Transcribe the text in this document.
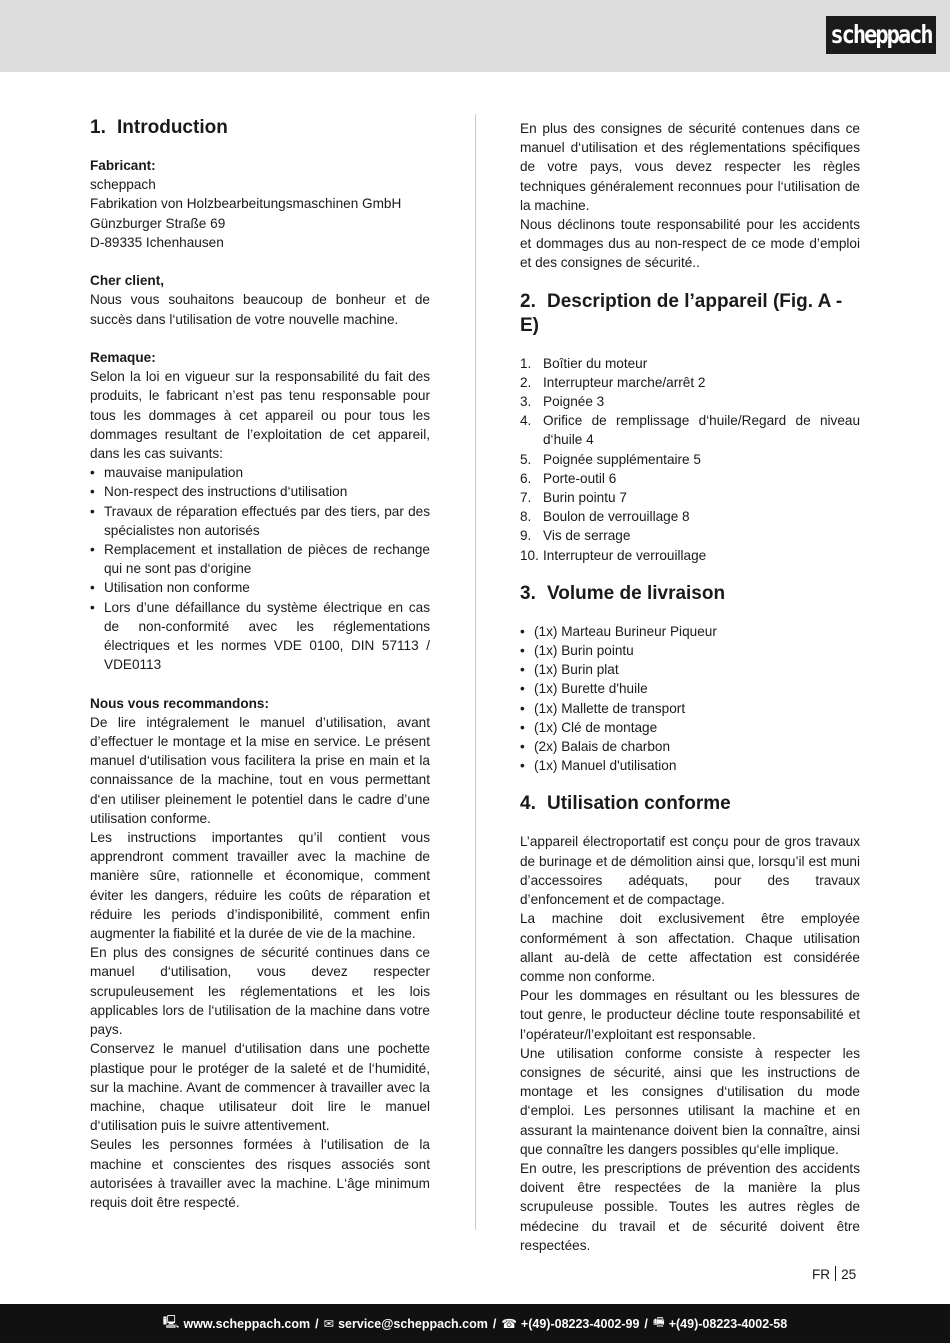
scheppach
1. Introduction

Fabricant:

scheppach

Fabrikation von Holzbearbeitungsmaschinen GmbH

Günzburger Straße 69

D-89335 Ichenhausen

Cher client,

Nous vous souhaitons beaucoup de bonheur et de succès dans l‘utilisation de votre nouvelle machine.

Remaque:

Selon la loi en vigueur sur la responsabilité du fait des produits, le fabricant n’est pas tenu responsable pour tous les dommages à cet appareil ou pour tous les dommages resultant de l’exploitation de cet appareil, dans les cas suivants:

• mauvaise manipulation
• Non-respect des instructions d‘utilisation
• Travaux de réparation effectués par des tiers, par des spécialistes non autorisés
• Remplacement et installation de pièces de rechange qui ne sont pas d‘origine
• Utilisation non conforme
• Lors d’une défaillance du système électrique en cas de non-conformité avec les réglementations électriques et les normes VDE 0100, DIN 57113 / VDE0113

Nous vous recommandons:

De lire intégralement le manuel d’utilisation, avant d’effectuer le montage et la mise en service. Le présent manuel d‘utilisation vous facilitera la prise en main et la connaissance de la machine, tout en vous permettant d‘en utiliser pleinement le potentiel dans le cadre d’une utilisation conforme.

Les instructions importantes qu’il contient vous apprendront comment travailler avec la machine de manière sûre, rationnelle et économique, comment éviter les dangers, réduire les coûts de réparation et réduire les periods d’indisponibilité, comment enfin augmenter la fiabilité et la durée de vie de la machine.

En plus des consignes de sécurité continues dans ce manuel d‘utilisation, vous devez respecter scrupuleusement les réglementations et les lois applicables lors de l‘utilisation de la machine dans votre pays.

Conservez le manuel d‘utilisation dans une pochette plastique pour le protéger de la saleté et de l‘humidité, sur la machine. Avant de commencer à travailler avec la machine, chaque utilisateur doit lire le manuel d‘utilisation puis le suivre attentivement.

Seules les personnes formées à l‘utilisation de la machine et conscientes des risques associés sont autorisées à travailler avec la machine. L‘âge minimum requis doit être respecté.

En plus des consignes de sécurité contenues dans ce manuel d‘utilisation et des réglementations spécifiques de votre pays, vous devez respecter les règles techniques généralement reconnues pour l‘utilisation de la machine.

Nous déclinons toute responsabilité pour les accidents et dommages dus au non-respect de ce mode d’emploi et des consignes de sécurité..

2. Description de l’appareil (Fig. A - E)
1. Boîtier du moteur
2. Interrupteur marche/arrêt 2
3. Poignée 3
4. Orifice de remplissage d‘huile/Regard de niveau d‘huile 4
5. Poignée supplémentaire 5
6. Porte-outil 6
7. Burin pointu 7
8. Boulon de verrouillage 8
9. Vis de serrage
10. Interrupteur de verrouillage
3. Volume de livraison
• (1x) Marteau Burineur Piqueur
• (1x) Burin pointu
• (1x) Burin plat
• (1x) Burette d'huile
• (1x) Mallette de transport
• (1x) Clé de montage
• (2x) Balais de charbon
• (1x) Manuel d'utilisation
4. Utilisation conforme

L’appareil électroportatif est conçu pour de gros travaux de burinage et de démolition ainsi que, lorsqu’il est muni d’accessoires adéquats, pour des travaux d’enfoncement et de compactage.

La machine doit exclusivement être employée conformément à son affectation. Chaque utilisation allant au-delà de cette affectation est considérée comme non conforme.

Pour les dommages en résultant ou les blessures de tout genre, le producteur décline toute responsabilité et l’opérateur/l’exploitant est responsable.

Une utilisation conforme consiste à respecter les consignes de sécurité, ainsi que les instructions de montage et les consignes d‘utilisation du mode d‘emploi. Les personnes utilisant la machine et en assurant la maintenance doivent bien la connaître, ainsi que connaître les dangers possibles qu‘elle implique.

En outre, les prescriptions de prévention des accidents doivent être respectées de la manière la plus scrupuleuse possible. Toutes les autres règles de médecine du travail et de sécurité doivent être respectées.

FR 25
🖳 www.scheppach.com / ✉ service@scheppach.com / ☎ +(49)-08223-4002-99 / 🖷 +(49)-08223-4002-58
